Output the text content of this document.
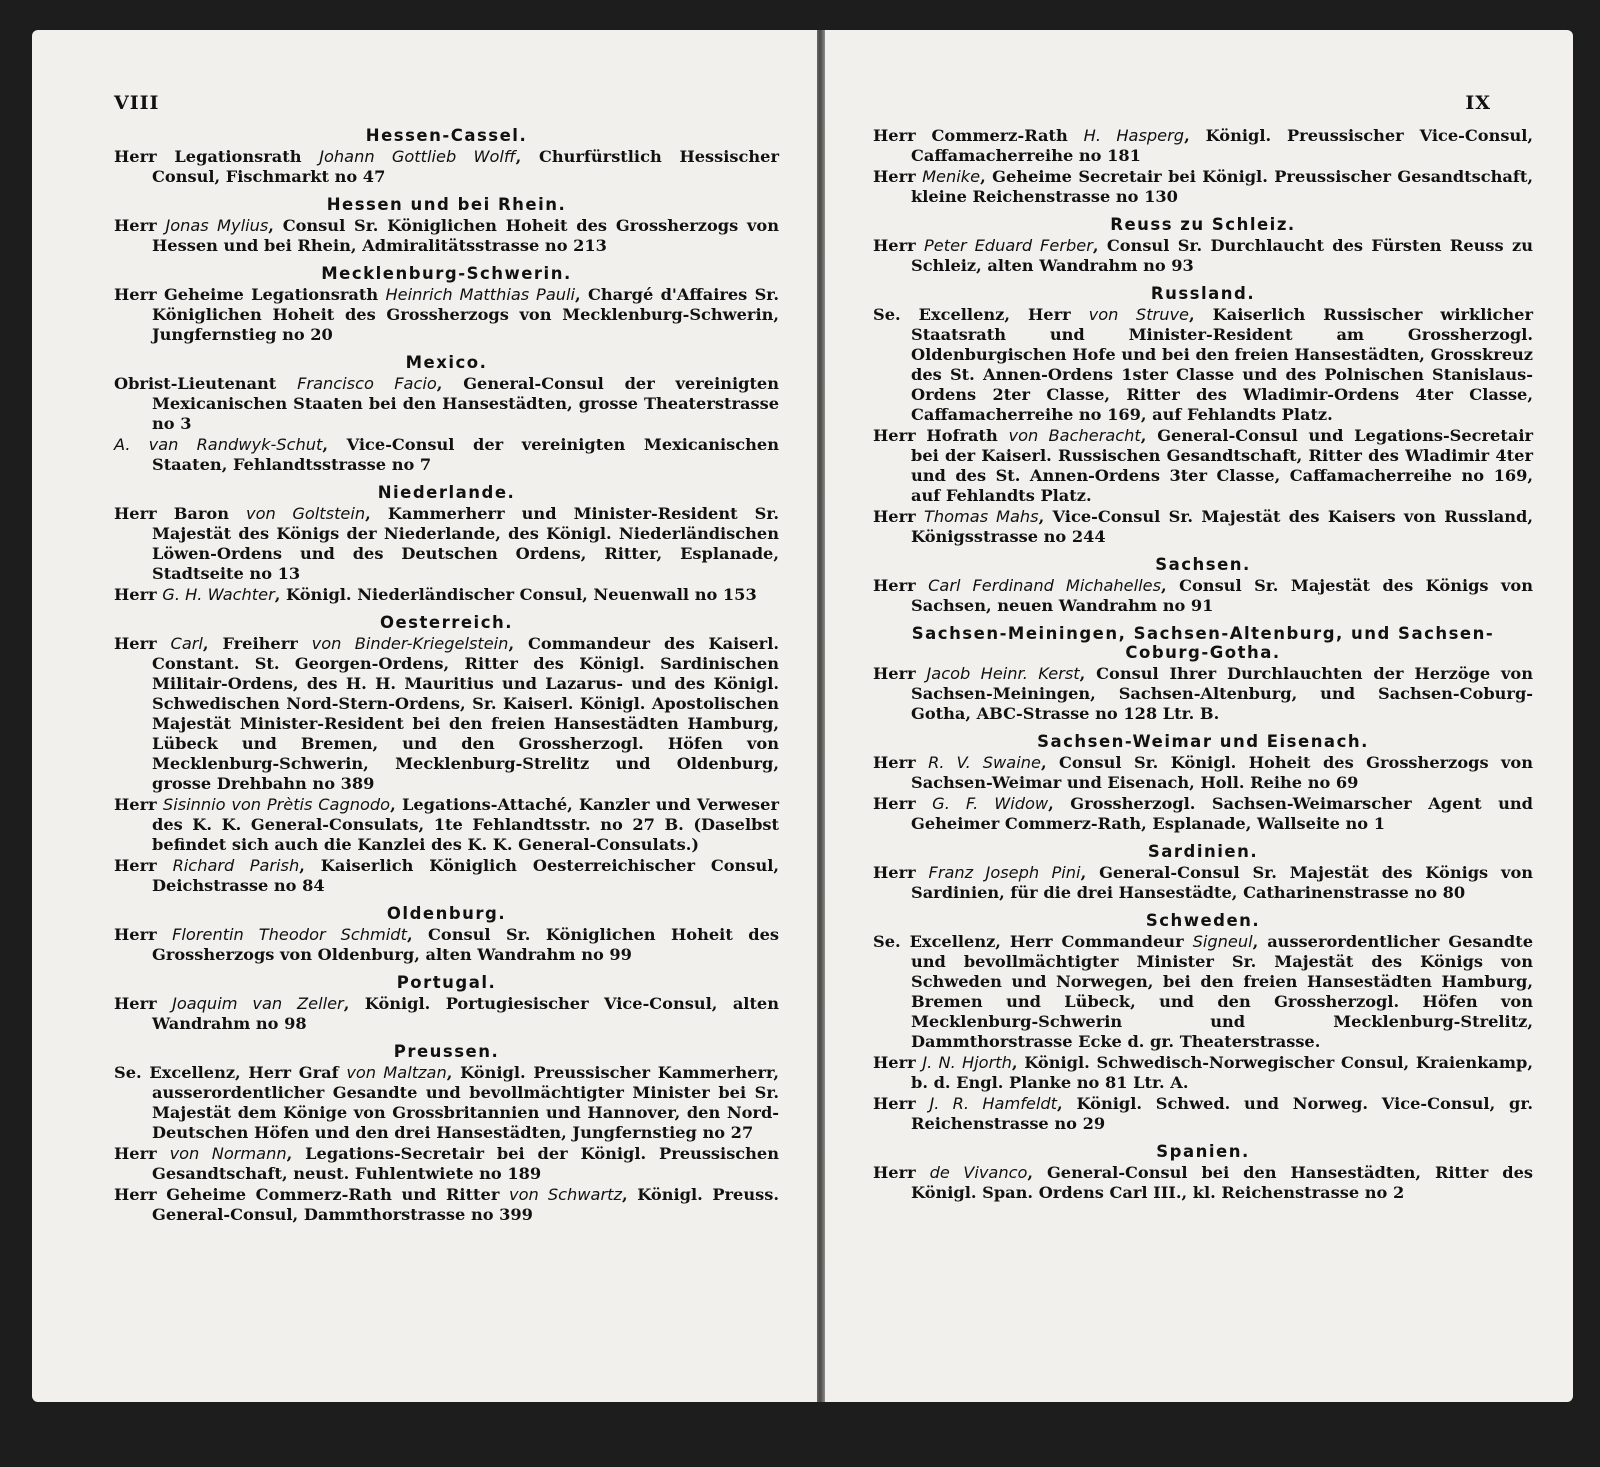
VIII
Hessen-Cassel.
Herr Legationsrath Johann Gottlieb Wolff, Churfürstlich Hessischer Consul, Fischmarkt no 47
Hessen und bei Rhein.
Herr Jonas Mylius, Consul Sr. Königlichen Hoheit des Grossherzogs von Hessen und bei Rhein, Admiralitätsstrasse no 213
Mecklenburg-Schwerin.
Herr Geheime Legationsrath Heinrich Matthias Pauli, Chargé d'Affaires Sr. Königlichen Hoheit des Grossherzogs von Mecklenburg-Schwerin, Jungfernstieg no 20
Mexico.
Obrist-Lieutenant Francisco Facio, General-Consul der vereinigten Mexicanischen Staaten bei den Hansestädten, grosse Theaterstrasse no 3
A. van Randwyk-Schut, Vice-Consul der vereinigten Mexicanischen Staaten, Fehlandtsstrasse no 7
Niederlande.
Herr Baron von Goltstein, Kammerherr und Minister-Resident Sr. Majestät des Königs der Niederlande, des Königl. Niederländischen Löwen-Ordens und des Deutschen Ordens, Ritter, Esplanade, Stadtseite no 13
Herr G. H. Wachter, Königl. Niederländischer Consul, Neuenwall no 153
Oesterreich.
Herr Carl, Freiherr von Binder-Kriegelstein, Commandeur des Kaiserl. Constant. St. Georgen-Ordens, Ritter des Königl. Sardinischen Militair-Ordens, des H. H. Mauritius und Lazarus- und des Königl. Schwedischen Nord-Stern-Ordens, Sr. Kaiserl. Königl. Apostolischen Majestät Minister-Resident bei den freien Hansestädten Hamburg, Lübeck und Bremen, und den Grossherzogl. Höfen von Mecklenburg-Schwerin, Mecklenburg-Strelitz und Oldenburg, grosse Drehbahn no 389
Herr Sisinnio von Prètis Cagnodo, Legations-Attaché, Kanzler und Verweser des K. K. General-Consulats, 1te Fehlandtsstr. no 27 B. (Daselbst befindet sich auch die Kanzlei des K. K. General-Consulats.)
Herr Richard Parish, Kaiserlich Königlich Oesterreichischer Consul, Deichstrasse no 84
Oldenburg.
Herr Florentin Theodor Schmidt, Consul Sr. Königlichen Hoheit des Grossherzogs von Oldenburg, alten Wandrahm no 99
Portugal.
Herr Joaquim van Zeller, Königl. Portugiesischer Vice-Consul, alten Wandrahm no 98
Preussen.
Se. Excellenz, Herr Graf von Maltzan, Königl. Preussischer Kammerherr, ausserordentlicher Gesandte und bevollmächtigter Minister bei Sr. Majestät dem Könige von Grossbritannien und Hannover, den Nord-Deutschen Höfen und den drei Hansestädten, Jungfernstieg no 27
Herr von Normann, Legations-Secretair bei der Königl. Preussischen Gesandtschaft, neust. Fuhlentwiete no 189
Herr Geheime Commerz-Rath und Ritter von Schwartz, Königl. Preuss. General-Consul, Dammthorstrasse no 399
IX
Herr Commerz-Rath H. Hasperg, Königl. Preussischer Vice-Consul, Caffamacherreihe no 181
Herr Menike, Geheime Secretair bei Königl. Preussischer Gesandtschaft, kleine Reichenstrasse no 130
Reuss zu Schleiz.
Herr Peter Eduard Ferber, Consul Sr. Durchlaucht des Fürsten Reuss zu Schleiz, alten Wandrahm no 93
Russland.
Se. Excellenz, Herr von Struve, Kaiserlich Russischer wirklicher Staatsrath und Minister-Resident am Grossherzogl. Oldenburgischen Hofe und bei den freien Hansestädten, Grosskreuz des St. Annen-Ordens 1ster Classe und des Polnischen Stanislaus-Ordens 2ter Classe, Ritter des Wladimir-Ordens 4ter Classe, Caffamacherreihe no 169, auf Fehlandts Platz.
Herr Hofrath von Bacheracht, General-Consul und Legations-Secretair bei der Kaiserl. Russischen Gesandtschaft, Ritter des Wladimir 4ter und des St. Annen-Ordens 3ter Classe, Caffamacherreihe no 169, auf Fehlandts Platz.
Herr Thomas Mahs, Vice-Consul Sr. Majestät des Kaisers von Russland, Königsstrasse no 244
Sachsen.
Herr Carl Ferdinand Michahelles, Consul Sr. Majestät des Königs von Sachsen, neuen Wandrahm no 91
Sachsen-Meiningen, Sachsen-Altenburg, und Sachsen-Coburg-Gotha.
Herr Jacob Heinr. Kerst, Consul Ihrer Durchlauchten der Herzöge von Sachsen-Meiningen, Sachsen-Altenburg, und Sachsen-Coburg-Gotha, ABC-Strasse no 128 Ltr. B.
Sachsen-Weimar und Eisenach.
Herr R. V. Swaine, Consul Sr. Königl. Hoheit des Grossherzogs von Sachsen-Weimar und Eisenach, Holl. Reihe no 69
Herr G. F. Widow, Grossherzogl. Sachsen-Weimarscher Agent und Geheimer Commerz-Rath, Esplanade, Wallseite no 1
Sardinien.
Herr Franz Joseph Pini, General-Consul Sr. Majestät des Königs von Sardinien, für die drei Hansestädte, Catharinenstrasse no 80
Schweden.
Se. Excellenz, Herr Commandeur Signeul, ausserordentlicher Gesandte und bevollmächtigter Minister Sr. Majestät des Königs von Schweden und Norwegen, bei den freien Hansestädten Hamburg, Bremen und Lübeck, und den Grossherzogl. Höfen von Mecklenburg-Schwerin und Mecklenburg-Strelitz, Dammthorstrasse Ecke d. gr. Theaterstrasse.
Herr J. N. Hjorth, Königl. Schwedisch-Norwegischer Consul, Kraienkamp, b. d. Engl. Planke no 81 Ltr. A.
Herr J. R. Hamfeldt, Königl. Schwed. und Norweg. Vice-Consul, gr. Reichenstrasse no 29
Spanien.
Herr de Vivanco, General-Consul bei den Hansestädten, Ritter des Königl. Span. Ordens Carl III., kl. Reichenstrasse no 2
